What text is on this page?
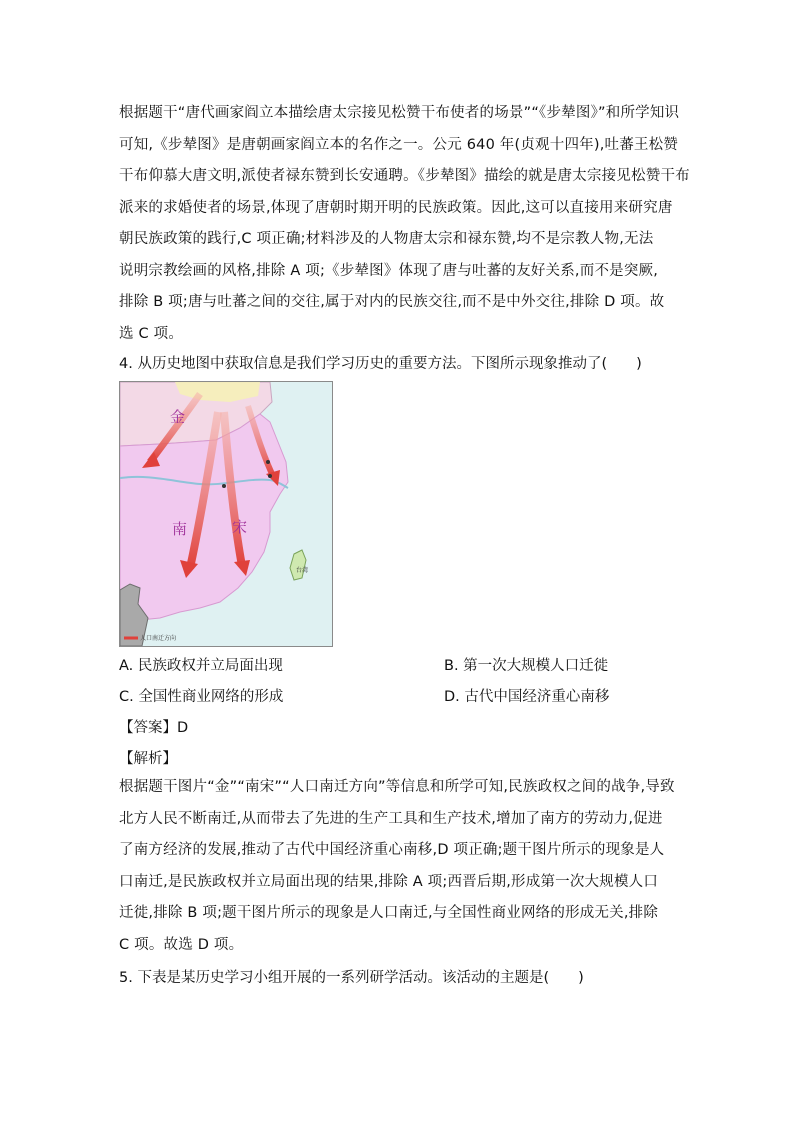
根据题干“唐代画家阎立本描绘唐太宗接见松赞干布使者的场景”“《步辇图》”和所学知识
可知,《步辇图》是唐朝画家阎立本的名作之一。公元 640 年(贞观十四年),吐蕃王松赞
干布仰慕大唐文明,派使者禄东赞到长安通聘。《步辇图》描绘的就是唐太宗接见松赞干布
派来的求婚使者的场景,体现了唐朝时期开明的民族政策。因此,这可以直接用来研究唐
朝民族政策的践行,C 项正确;材料涉及的人物唐太宗和禄东赞,均不是宗教人物,无法
说明宗教绘画的风格,排除 A 项;《步辇图》体现了唐与吐蕃的友好关系,而不是突厥,
排除 B 项;唐与吐蕃之间的交往,属于对内的民族交往,而不是中外交往,排除 D 项。故
选 C 项。
4. 从历史地图中获取信息是我们学习历史的重要方法。下图所示现象推动了(　　)
金
南	宋
台湾
人口南迁方向
A. 民族政权并立局面出现	B. 第一次大规模人口迁徙
C. 全国性商业网络的形成	D. 古代中国经济重心南移
【答案】D
【解析】
根据题干图片“金”“南宋”“人口南迁方向”等信息和所学可知,民族政权之间的战争,导致
北方人民不断南迁,从而带去了先进的生产工具和生产技术,增加了南方的劳动力,促进
了南方经济的发展,推动了古代中国经济重心南移,D 项正确;题干图片所示的现象是人
口南迁,是民族政权并立局面出现的结果,排除 A 项;西晋后期,形成第一次大规模人口
迁徙,排除 B 项;题干图片所示的现象是人口南迁,与全国性商业网络的形成无关,排除
C 项。故选 D 项。
5. 下表是某历史学习小组开展的一系列研学活动。该活动的主题是(　　)
